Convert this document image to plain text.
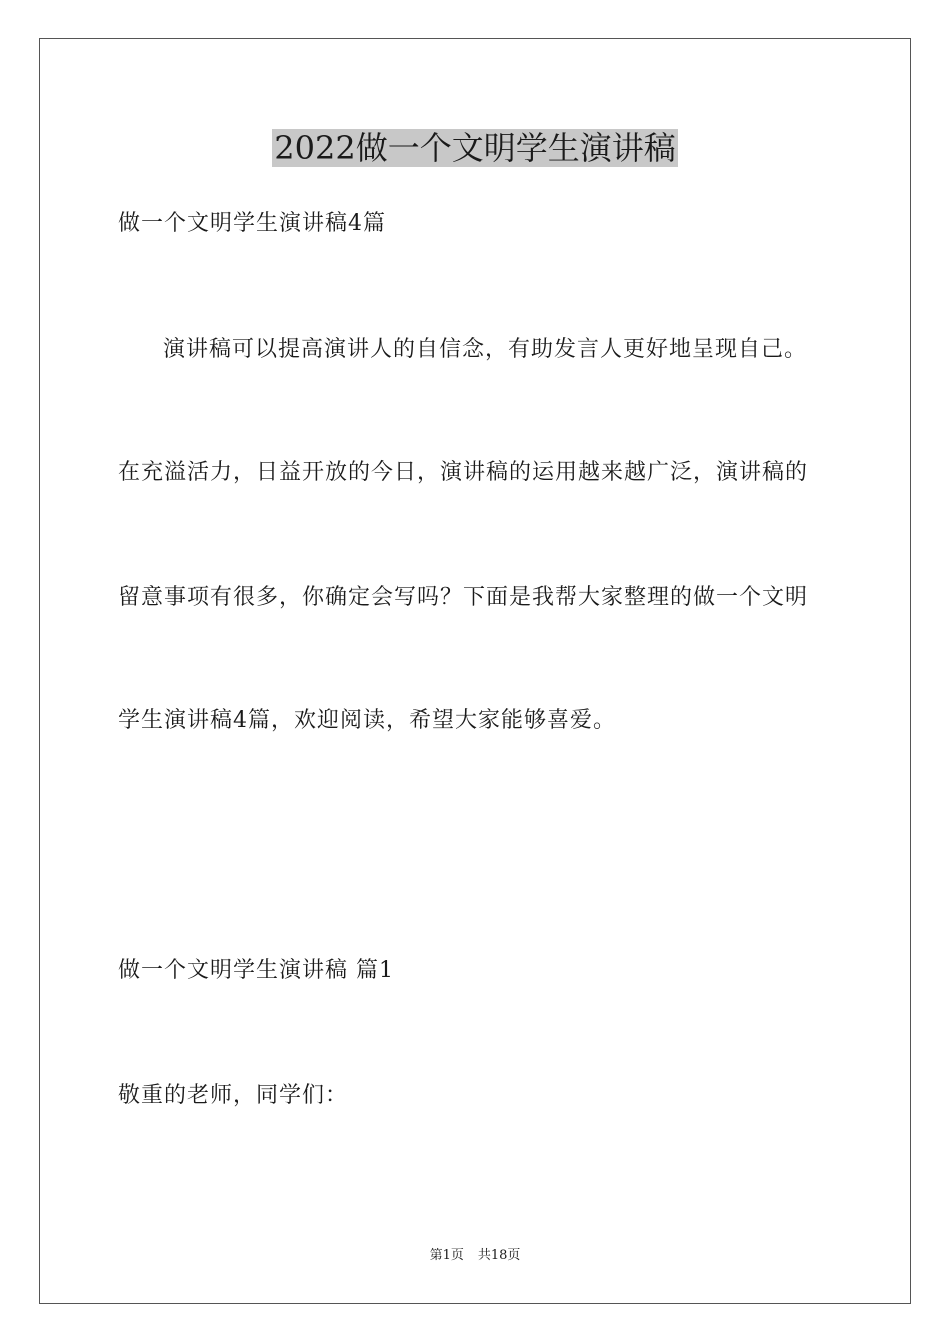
2022做一个文明学生演讲稿
做一个文明学生演讲稿4篇
演讲稿可以提高演讲人的自信念，有助发言人更好地呈现自己。
在充溢活力，日益开放的今日，演讲稿的运用越来越广泛，演讲稿的
留意事项有很多，你确定会写吗？下面是我帮大家整理的做一个文明
学生演讲稿4篇，欢迎阅读，希望大家能够喜爱。
做一个文明学生演讲稿 篇1
敬重的老师，同学们：
第1页 共18页
